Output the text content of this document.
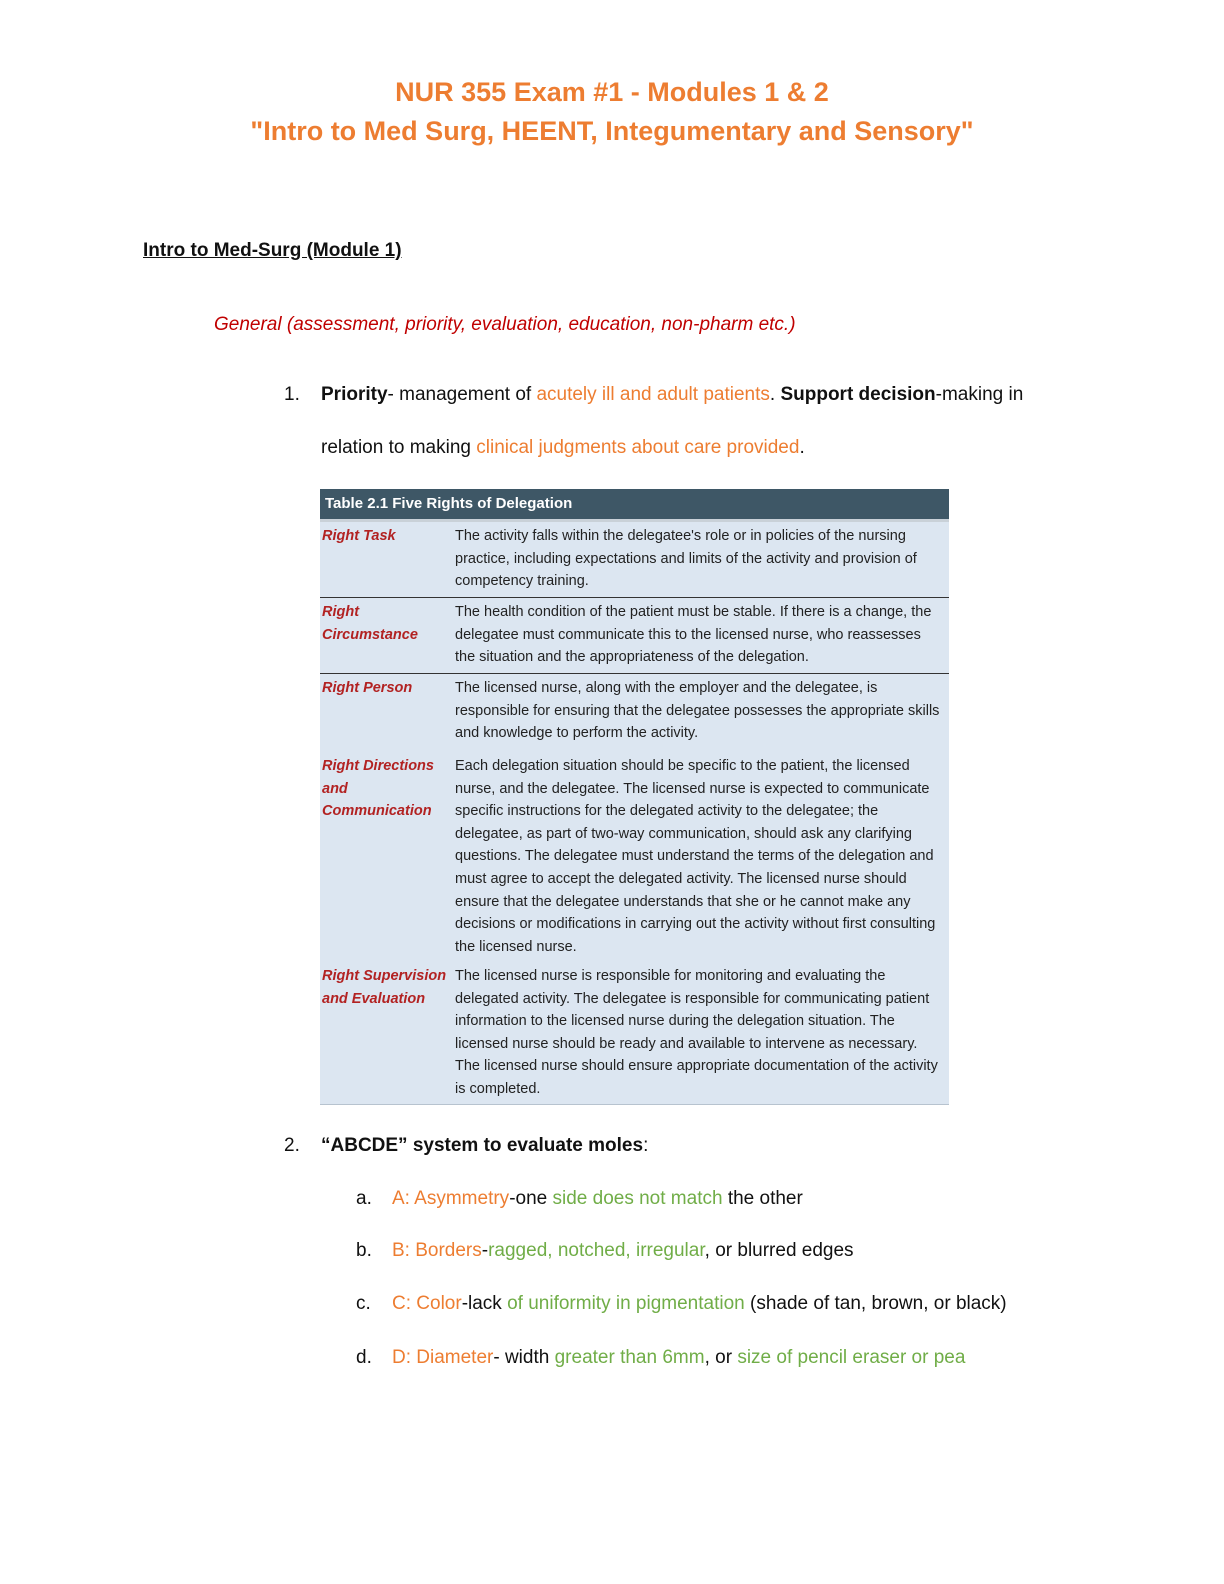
NUR 355 Exam #1 - Modules 1 & 2
"Intro to Med Surg, HEENT, Integumentary and Sensory"
Intro to Med-Surg (Module 1)
General (assessment, priority, evaluation, education, non-pharm etc.)
1. Priority- management of acutely ill and adult patients. Support decision-making in
relation to making clinical judgments about care provided.
Table 2.1 Five Rights of Delegation
Right Task	The activity falls within the delegatee's role or in policies of the nursing practice, including expectations and limits of the activity and provision of competency training.
Right Circumstance
The health condition of the patient must be stable. If there is a change, the delegatee must communicate this to the licensed nurse, who reassesses the situation and the appropriateness of the delegation.
Right Person	The licensed nurse, along with the employer and the delegatee, is responsible for ensuring that the delegatee possesses the appropriate skills and knowledge to perform the activity.
Right Directions and Communication
Each delegation situation should be specific to the patient, the licensed nurse, and the delegatee. The licensed nurse is expected to communicate specific instructions for the delegated activity to the delegatee; the delegatee, as part of two-way communication, should ask any clarifying questions. The delegatee must understand the terms of the delegation and must agree to accept the delegated activity. The licensed nurse should ensure that the delegatee understands that she or he cannot make any decisions or modifications in carrying out the activity without first consulting the licensed nurse.
Right Supervision and Evaluation
The licensed nurse is responsible for monitoring and evaluating the delegated activity. The delegatee is responsible for communicating patient information to the licensed nurse during the delegation situation. The licensed nurse should be ready and available to intervene as necessary. The licensed nurse should ensure appropriate documentation of the activity is completed.
2. “ABCDE” system to evaluate moles:
a. A: Asymmetry-one side does not match the other
b. B: Borders-ragged, notched, irregular, or blurred edges
c. C: Color-lack of uniformity in pigmentation (shade of tan, brown, or black)
d. D: Diameter- width greater than 6mm, or size of pencil eraser or pea
